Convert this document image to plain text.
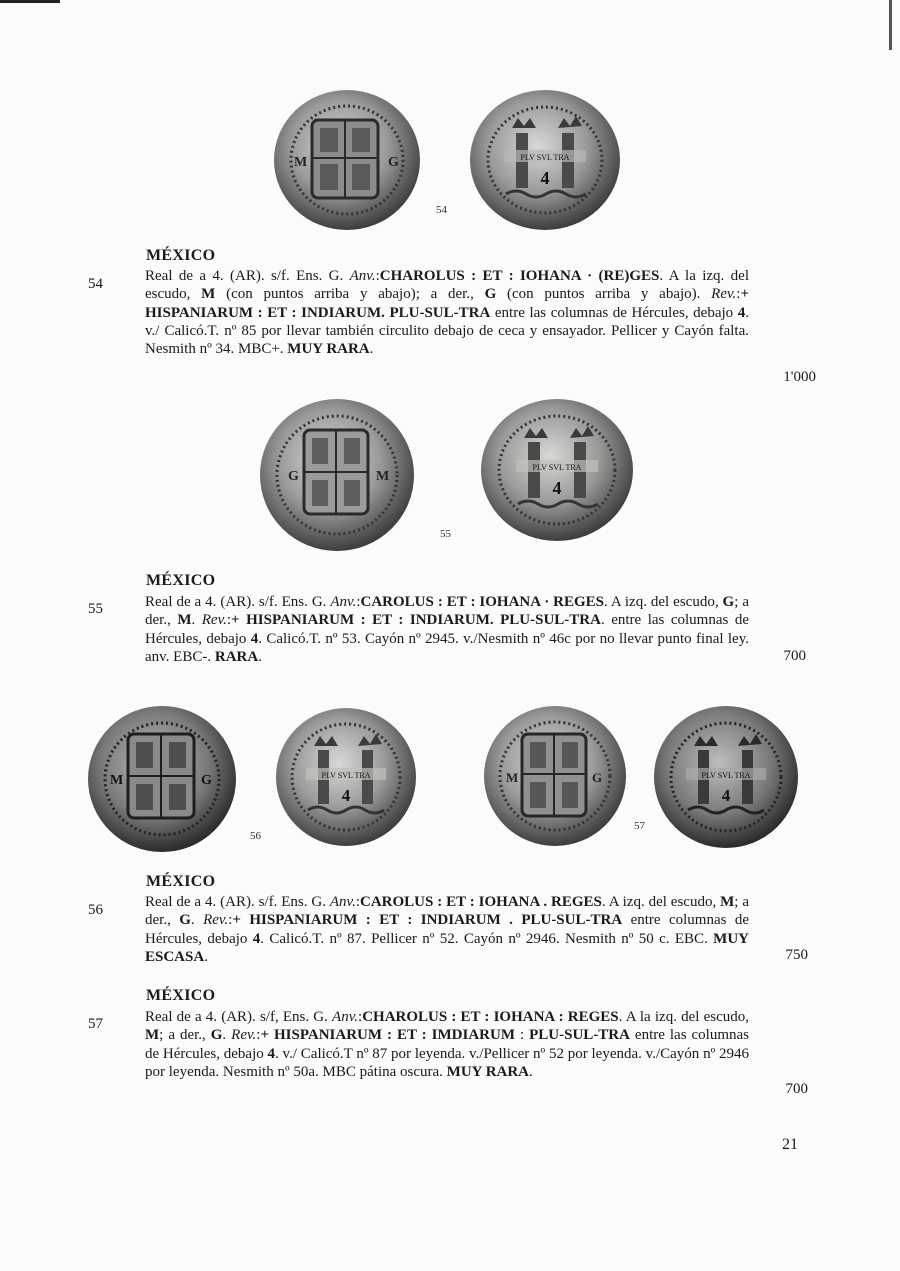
M	G	PLV SVL TRA
4
54
MÉXICO
54	Real de a 4. (AR). s/f. Ens. G. Anv.:CHAROLUS : ET : IOHANA · (RE)GES. A la izq. del escudo, M (con puntos arriba y abajo); a der., G (con puntos arriba y abajo). Rev.:+ HISPANIARUM : ET : INDIARUM. PLU-SUL-TRA entre las columnas de Hércules, debajo 4. v./ Calicó.T. nº 85 por llevar también circulito debajo de ceca y ensayador. Pellicer y Cayón falta. Nesmith nº 34. MBC+. MUY RARA.
1'000
G	M
PLV SVL TRA
4
55
MÉXICO
55	Real de a 4. (AR). s/f. Ens. G. Anv.:CAROLUS : ET : IOHANA · REGES. A izq. del escudo, G; a der., M. Rev.:+ HISPANIARUM : ET : INDIARUM. PLU-SUL-TRA. entre las columnas de Hércules, debajo 4. Calicó.T. nº 53. Cayón nº 2945. v./Nesmith nº 46c por no llevar punto final ley. anv. EBC-. RARA.	700
M	G	PLV SVL TRA
4
56
M	G	PLV SVL TRA
4
57
MÉXICO
56	Real de a 4. (AR). s/f. Ens. G. Anv.:CAROLUS : ET : IOHANA . REGES. A izq. del escudo, M; a der., G. Rev.:+ HISPANIARUM : ET : INDIARUM . PLU-SUL-TRA entre columnas de Hércules, debajo 4. Calicó.T. nº 87. Pellicer nº 52. Cayón nº 2946. Nesmith nº 50 c. EBC. MUY ESCASA.	750
MÉXICO
57	Real de a 4. (AR). s/f, Ens. G. Anv.:CHAROLUS : ET : IOHANA : REGES. A la izq. del escudo, M; a der., G. Rev.:+ HISPANIARUM : ET : IMDIARUM : PLU-SUL-TRA entre las columnas de Hércules, debajo 4. v./ Calicó.T nº 87 por leyenda. v./Pellicer nº 52 por leyenda. v./Cayón nº 2946 por leyenda. Nesmith nº 50a. MBC pátina oscura. MUY RARA.
700
21
